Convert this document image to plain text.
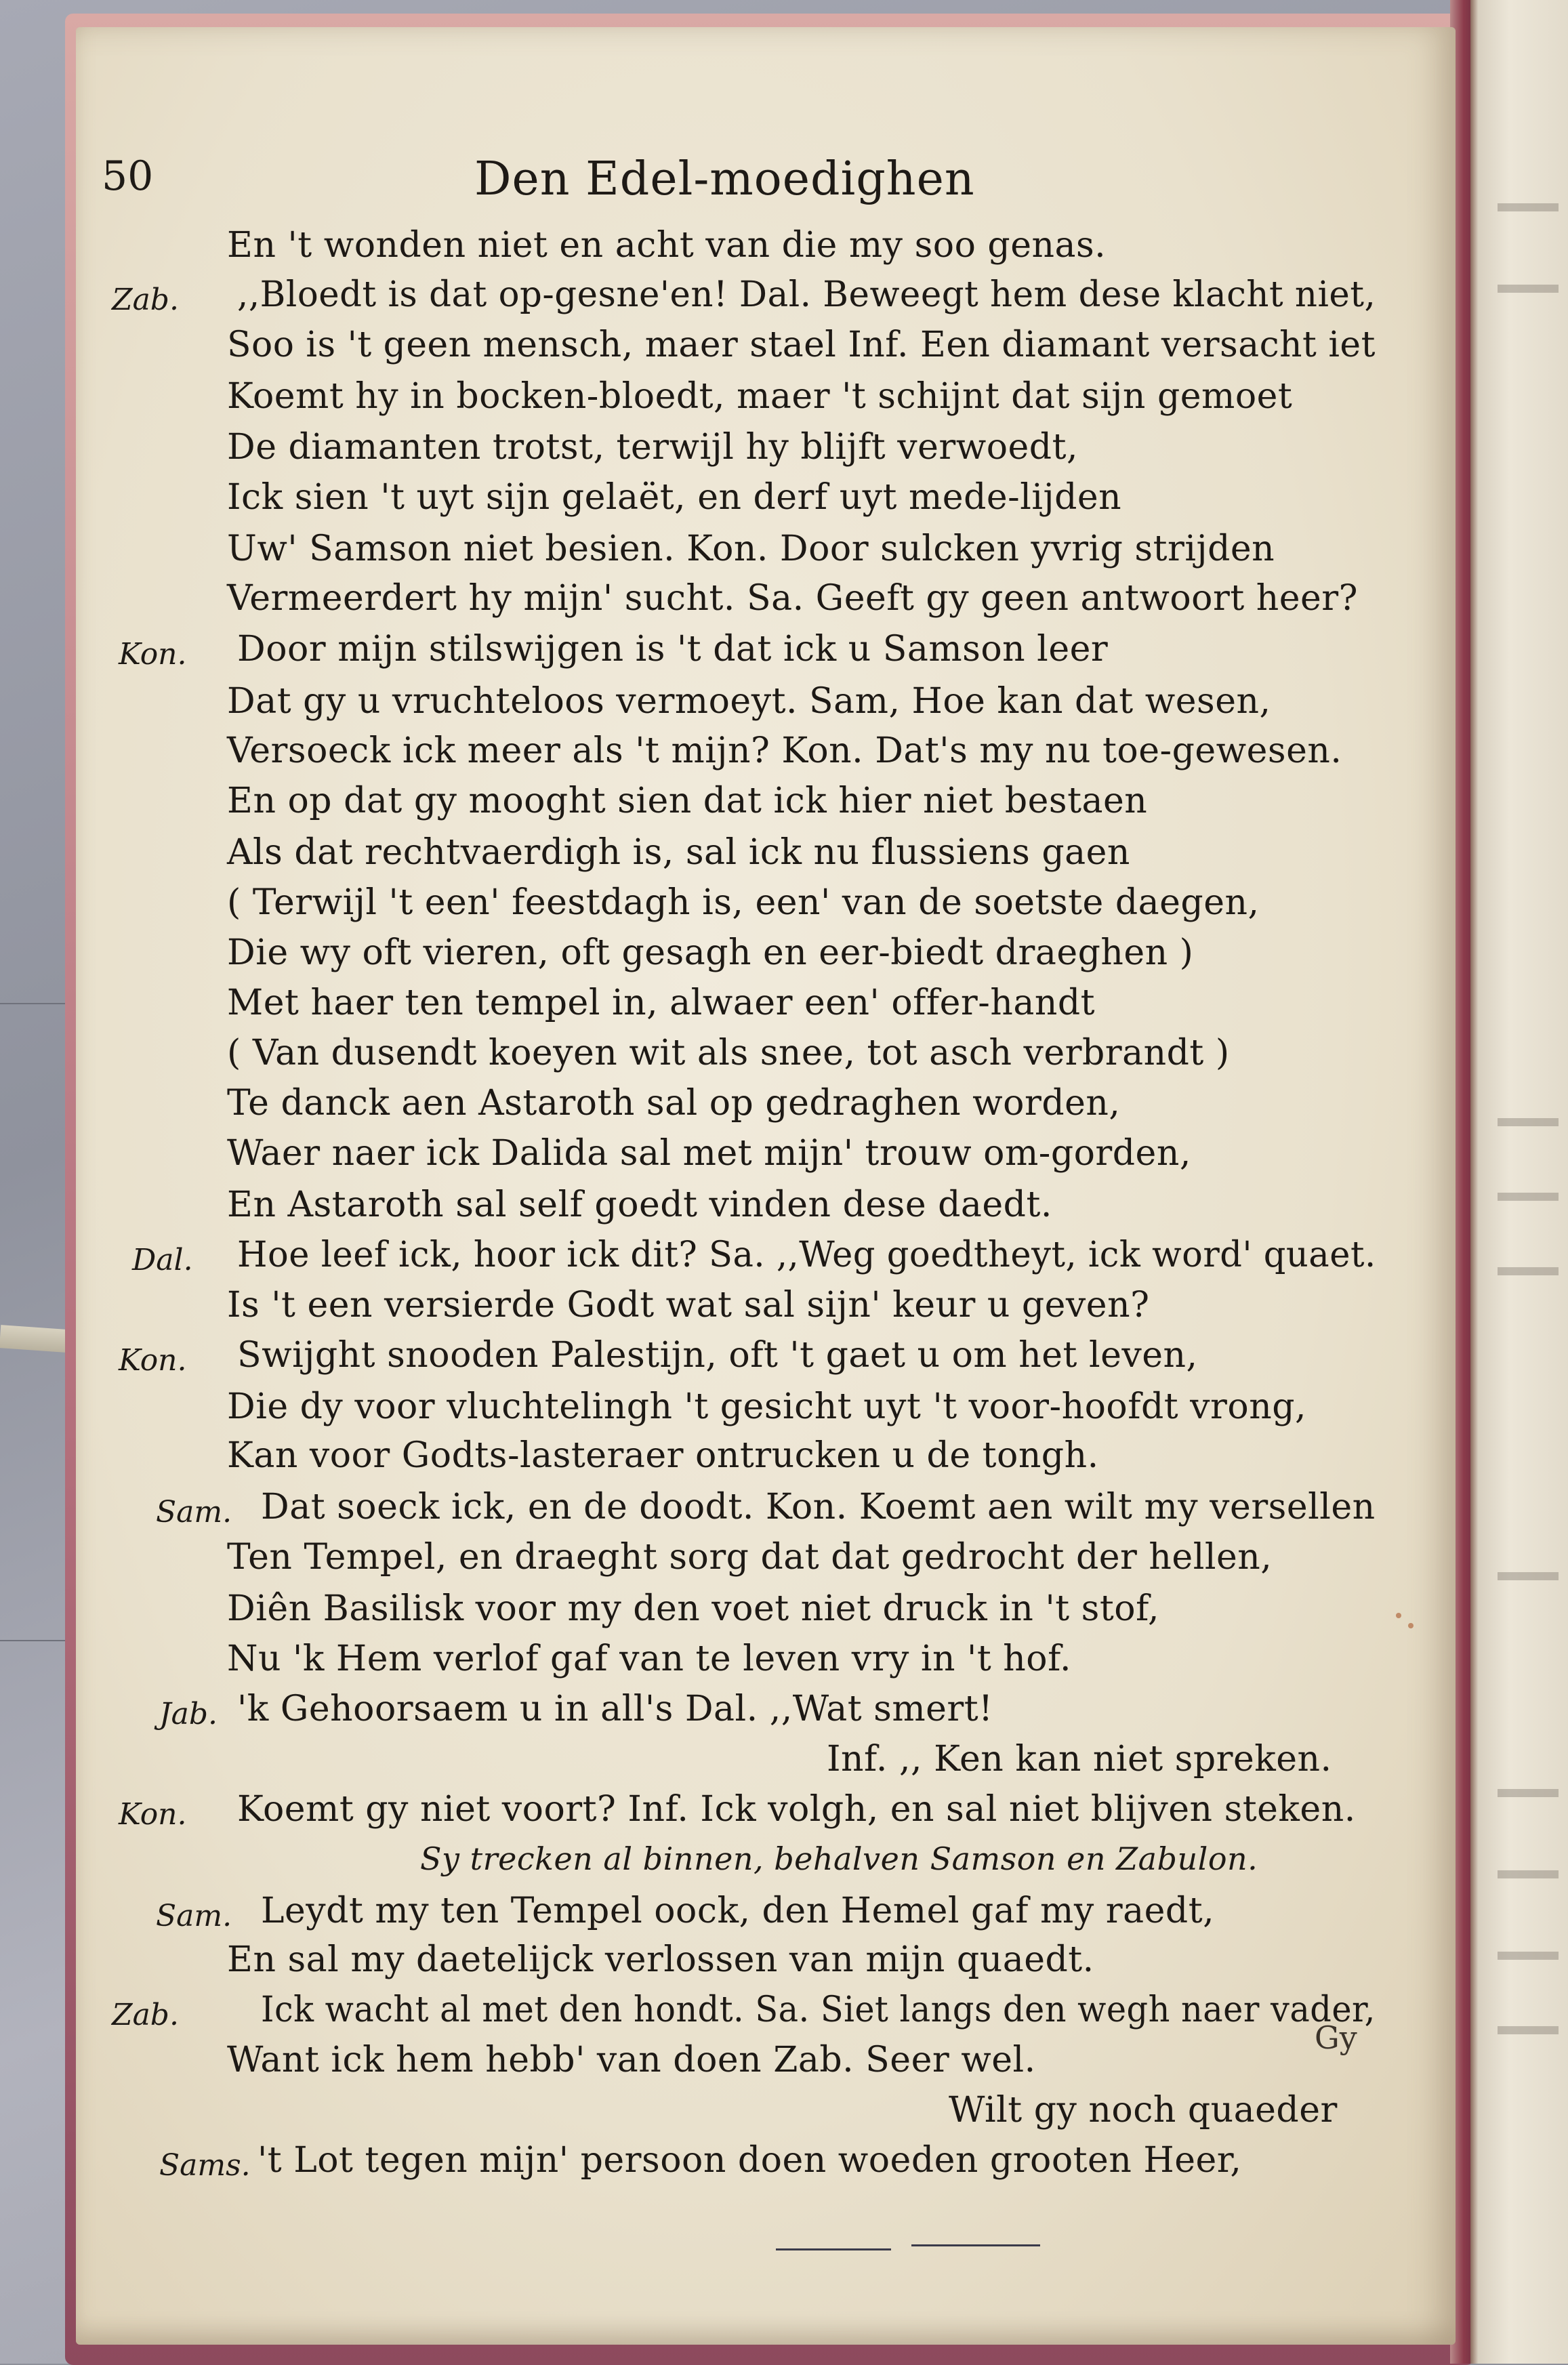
50	Den Edel-moedighen
En 't wonden niet en acht van die my soo genas.
Zab. ,,Bloedt is dat op-gesne'en! Dal. Beweegt hem dese klacht niet,
Soo is 't geen mensch, maer stael Inf. Een diamant versacht iet
Koemt hy in bocken-bloedt, maer 't schijnt dat sijn gemoet
De diamanten trotst, terwijl hy blijft verwoedt,
Ick sien 't uyt sijn gelaët, en derf uyt mede-lijden
Uw' Samson niet besien. Kon. Door sulcken yvrig strijden
Vermeerdert hy mijn' sucht. Sa. Geeft gy geen antwoort heer?
Kon. Door mijn stilswijgen is 't dat ick u Samson leer
Dat gy u vruchteloos vermoeyt. Sam, Hoe kan dat wesen,
Versoeck ick meer als 't mijn? Kon. Dat's my nu toe-gewesen.
En op dat gy mooght sien dat ick hier niet bestaen
Als dat rechtvaerdigh is, sal ick nu flussiens gaen
( Terwijl 't een' feestdagh is, een' van de soetste daegen,
Die wy oft vieren, oft gesagh en eer-biedt draeghen )
Met haer ten tempel in, alwaer een' offer-handt
( Van dusendt koeyen wit als snee, tot asch verbrandt )
Te danck aen Astaroth sal op gedraghen worden,
Waer naer ick Dalida sal met mijn' trouw om-gorden,
En Astaroth sal self goedt vinden dese daedt.
Dal. Hoe leef ick, hoor ick dit? Sa. ,,Weg goedtheyt, ick word' quaet.
Is 't een versierde Godt wat sal sijn' keur u geven?
Kon. Swijght snooden Palestijn, oft 't gaet u om het leven,
Die dy voor vluchtelingh 't gesicht uyt 't voor-hoofdt vrong,
Kan voor Godts-lasteraer ontrucken u de tongh.
Sam. Dat soeck ick, en de doodt. Kon. Koemt aen wilt my versellen
Ten Tempel, en draeght sorg dat dat gedrocht der hellen,
Diên Basilisk voor my den voet niet druck in 't stof,
Nu 'k Hem verlof gaf van te leven vry in 't hof.
Jab. 'k Gehoorsaem u in all's Dal. ,,Wat smert!
Inf. ,, Ken kan niet spreken.
Kon. Koemt gy niet voort? Inf. Ick volgh, en sal niet blijven steken.
Sy trecken al binnen, behalven Samson en Zabulon.
Sam. Leydt my ten Tempel oock, den Hemel gaf my raedt,
En sal my daetelijck verlossen van mijn quaedt.
Zab. Ick wacht al met den hondt. Sa. Siet langs den wegh naer vader,
Want ick hem hebb' van doen Zab. Seer wel.
Wilt gy noch quaeder
Sams. 't Lot tegen mijn' persoon doen woeden grooten Heer,
Gy
